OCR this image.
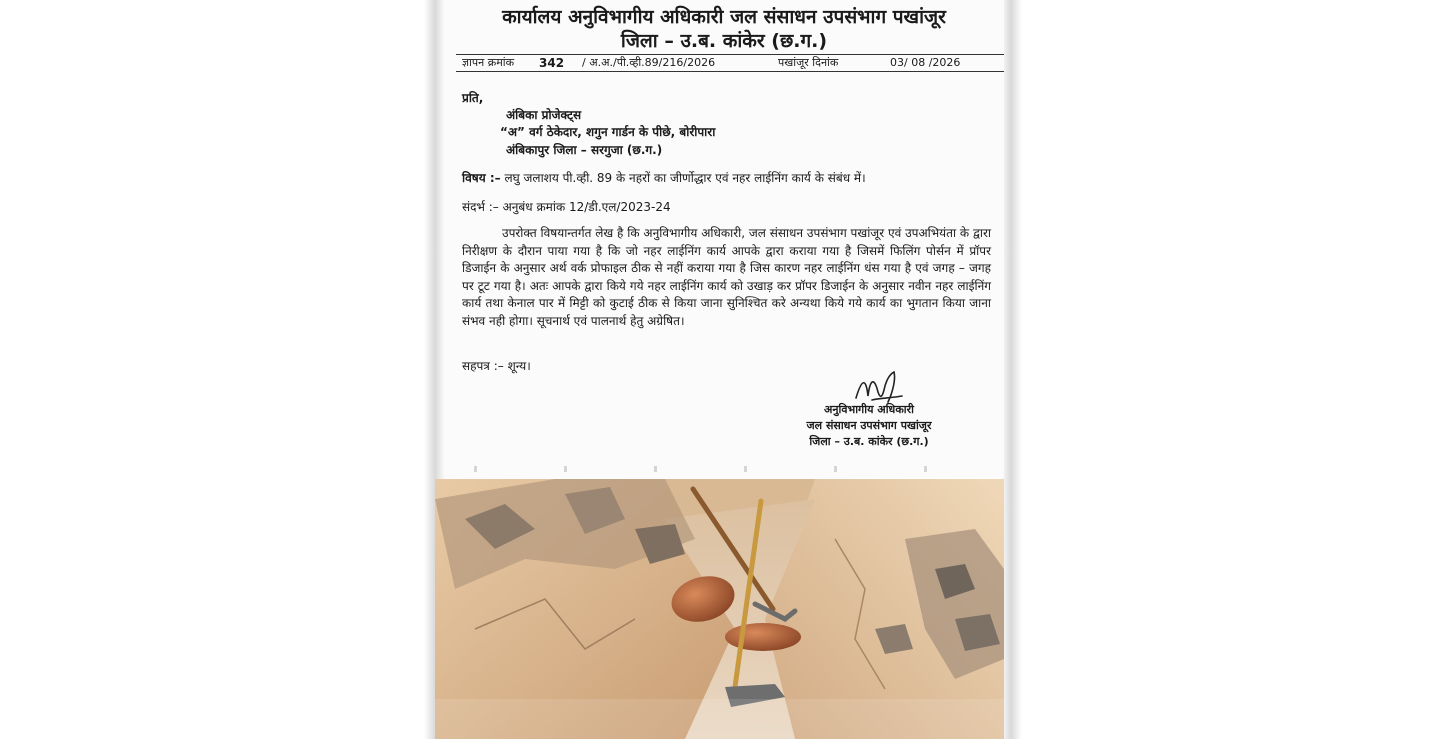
कार्यालय अनुविभागीय अधिकारी जल संसाधन उपसंभाग पखांजूर
जिला – उ.ब. कांकेर (छ.ग.)
ज्ञापन क्रमांक 342 / अ.अ./पी.व्ही.89/216/2026	पखांजूर दिनांक	03/ 08 /2026
प्रति,
अंबिका प्रोजेक्ट्स
“अ” वर्ग ठेकेदार, शगुन गार्डन के पीछे, बोरीपारा
अंबिकापुर जिला – सरगुजा (छ.ग.)
विषय :– लघु जलाशय पी.व्ही. 89 के नहरों का जीर्णोद्धार एवं नहर लाईनिंग कार्य के संबंध में।
संदर्भ :– अनुबंध क्रमांक 12/डी.एल/2023-24
उपरोक्त विषयान्तर्गत लेख है कि अनुविभागीय अधिकारी, जल संसाधन उपसंभाग पखांजूर एवं उपअभियंता के द्वारा निरीक्षण के दौरान पाया गया है कि जो नहर लाईनिंग कार्य आपके द्वारा कराया गया है जिसमें फिलिंग पोर्सन में प्रॉपर डिजाईन के अनुसार अर्थ वर्क प्रोफाइल ठीक से नहीं कराया गया है जिस कारण नहर लाईनिंग धंस गया है एवं जगह – जगह पर टूट गया है। अतः आपके द्वारा किये गये नहर लाईनिंग कार्य को उखाड़ कर प्रॉपर डिजाईन के अनुसार नवीन नहर लाईनिंग कार्य तथा केनाल पार में मिट्टी को कुटाई ठीक से किया जाना सुनिश्चित करे अन्यथा किये गये कार्य का भुगतान किया जाना संभव नही होगा। सूचनार्थ एवं पालनार्थ हेतु अग्रेषित।
सहपत्र :– शून्य।
अनुविभागीय अधिकारी
जल संसाधन उपसंभाग पखांजूर
जिला – उ.ब. कांकेर (छ.ग.)
